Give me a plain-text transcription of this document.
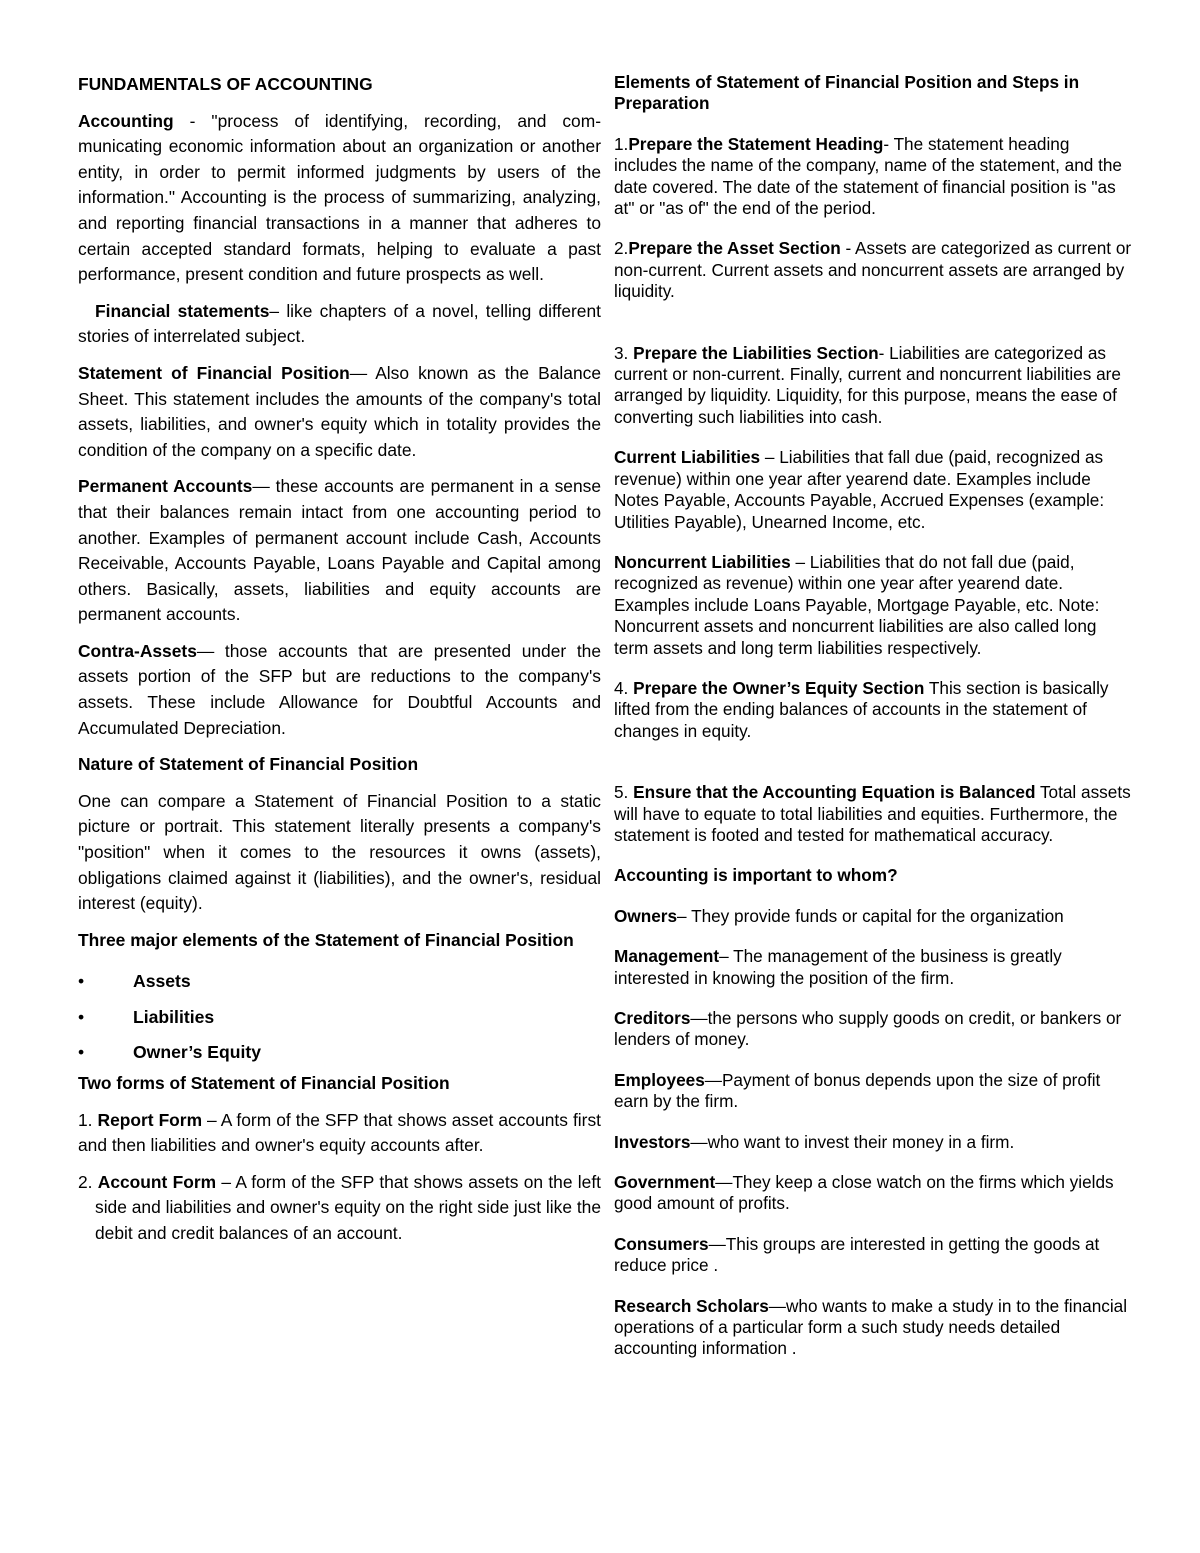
FUNDAMENTALS OF ACCOUNTING

Accounting - "process of identifying, recording, and communicating economic information about an organization or another entity, in order to permit informed judgments by users of the information." Accounting is the process of summarizing, analyzing, and reporting financial transactions in a manner that adheres to certain accepted standard formats, helping to evaluate a past performance, present condition and future prospects as well.

Financial statements– like chapters of a novel, telling different stories of interrelated subject.

Statement of Financial Position— Also known as the Balance Sheet. This statement includes the amounts of the company's total assets, liabilities, and owner's equity which in totality provides the condition of the company on a specific date.

Permanent Accounts— these accounts are permanent in a sense that their balances remain intact from one accounting period to another. Examples of permanent account include Cash, Accounts Receivable, Accounts Payable, Loans Payable and Capital among others. Basically, assets, liabilities and equity accounts are permanent accounts.

Contra-Assets— those accounts that are presented under the assets portion of the SFP but are reductions to the company's assets. These include Allowance for Doubtful Accounts and Accumulated Depreciation.

Nature of Statement of Financial Position

One can compare a Statement of Financial Position to a static picture or portrait. This statement literally presents a company's "position" when it comes to the resources it owns (assets), obligations claimed against it (liabilities), and the owner's, residual interest (equity).

Three major elements of the Statement of Financial Position

•	Assets
•	Liabilities
•	Owner’s Equity

Two forms of Statement of Financial Position

1. Report Form – A form of the SFP that shows asset accounts first and then liabilities and owner's equity accounts after.

2. Account Form – A form of the SFP that shows assets on the left side and liabilities and owner's equity on the right side just like the debit and credit balances of an account.

Elements of Statement of Financial Position and Steps in Preparation

1.Prepare the Statement Heading- The statement heading includes the name of the company, name of the statement, and the date covered. The date of the statement of financial position is "as at" or "as of" the end of the period.

2.Prepare the Asset Section - Assets are categorized as current or non-current. Current assets and noncurrent assets are arranged by liquidity.

3. Prepare the Liabilities Section- Liabilities are categorized as current or non-current. Finally, current and noncurrent liabilities are arranged by liquidity. Liquidity, for this purpose, means the ease of converting such liabilities into cash.

Current Liabilities – Liabilities that fall due (paid, recognized as revenue) within one year after yearend date. Examples include Notes Payable, Accounts Payable, Accrued Expenses (example: Utilities Payable), Unearned Income, etc.

Noncurrent Liabilities – Liabilities that do not fall due (paid, recognized as revenue) within one year after yearend date. Examples include Loans Payable, Mortgage Payable, etc. Note: Noncurrent assets and noncurrent liabilities are also called long term assets and long term liabilities respectively.

4. Prepare the Owner’s Equity Section This section is basically lifted from the ending balances of accounts in the statement of changes in equity.

5. Ensure that the Accounting Equation is Balanced Total assets will have to equate to total liabilities and equities. Furthermore, the statement is footed and tested for mathematical accuracy.

Accounting is important to whom?

Owners– They provide funds or capital for the organization

Management– The management of the business is greatly interested in knowing the position of the firm.

Creditors—the persons who supply goods on credit, or bankers or lenders of money.

Employees—Payment of bonus depends upon the size of profit earn by the firm.

Investors—who want to invest their money in a firm.

Government—They keep a close watch on the firms which yields good amount of profits.

Consumers—This groups are interested in getting the goods at reduce price .

Research Scholars—who wants to make a study in to the financial operations of a particular form a such study needs detailed accounting information .
